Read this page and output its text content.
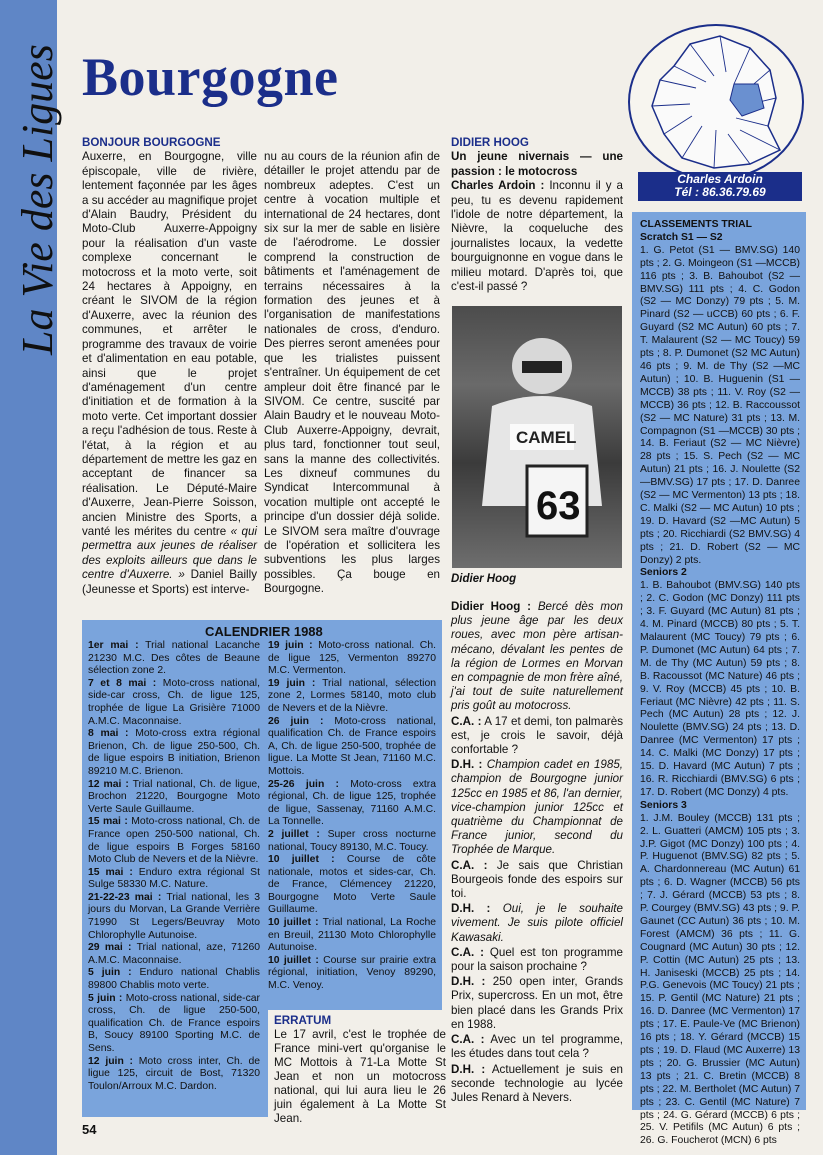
La Vie des Ligues Bourgogne
Charles Ardoin
Tél : 86.36.79.69

BONJOUR BOURGOGNE

Auxerre, en Bourgogne, ville épiscopale, ville de rivière, lentement façonnée par les âges a su accéder au magnifique projet d'Alain Baudry, Président du Moto-Club Auxerre-Appoigny pour la réalisation d'un vaste complexe concernant le motocross et la moto verte, soit 24 hectares à Appoigny, en créant le SIVOM de la région d'Auxerre, avec la réunion des communes, et arrêter le programme des travaux de voirie et d'alimentation en eau potable, ainsi que le projet d'aménagement d'un centre d'initiation et de formation à la moto verte. Cet important dossier a reçu l'adhésion de tous. Reste à l'état, à la région et au département de mettre les gaz en acceptant de financer sa réalisation. Le Député-Maire d'Auxerre, Jean-Pierre Soisson, ancien Ministre des Sports, a vanté les mérites du centre « qui permettra aux jeunes de réaliser des exploits ailleurs que dans le centre d'Auxerre. » Daniel Bailly (Jeunesse et Sports) est interve-

nu au cours de la réunion afin de détailler le projet attendu par de nombreux adeptes. C'est un centre à vocation multiple et international de 24 hectares, dont six sur la mer de sable en lisière de l'aérodrome. Le dossier comprend la construction de bâtiments et l'aménagement de terrains nécessaires à la formation des jeunes et à l'organisation de manifestations nationales de cross, d'enduro. Des pierres seront amenées pour que les trialistes puissent s'entraîner. Un équipement de cet ampleur doit être financé par le SIVOM. Ce centre, suscité par Alain Baudry et le nouveau Moto-Club Auxerre-Appoigny, devrait, plus tard, fonctionner tout seul, sans la manne des collectivités. Les dixneuf communes du Syndicat Intercommunal à vocation multiple ont accepté le principe d'un dossier déjà solide. Le SIVOM sera maître d'ouvrage de l'opération et sollicitera les subventions les plus larges possibles. Ça bouge en Bourgogne.

DIDIER HOOG

Un jeune nivernais — une passion : le motocross

Charles Ardoin : Inconnu il y a peu, tu es devenu rapidement l'idole de notre département, la Nièvre, la coqueluche des journalistes locaux, la vedette bourguignonne en vogue dans le milieu motard. D'après toi, que c'est-il passé ?

63
CAMEL
Didier Hoog

Didier Hoog : Bercé dès mon plus jeune âge par les deux roues, avec mon père artisan-mécano, dévalant les pentes de la région de Lormes en Morvan en compagnie de mon frère aîné, j'ai tout de suite naturellement pris goût au motocross.

C.A. : A 17 et demi, ton palmarès est, je crois le savoir, déjà confortable ?

D.H. : Champion cadet en 1985, champion de Bourgogne junior 125cc en 1985 et 86, l'an dernier, vice-champion junior 125cc et quatrième du Championnat de France junior, second du Trophée de Marque.

C.A. : Je sais que Christian Bourgeois fonde des espoirs sur toi.

D.H. : Oui, je le souhaite vivement. Je suis pilote officiel Kawasaki.

C.A. : Quel est ton programme pour la saison prochaine ?

D.H. : 250 open inter, Grands Prix, supercross. En un mot, être bien placé dans les Grands Prix en 1988.

C.A. : Avec un tel programme, les études dans tout cela ?

D.H. : Actuellement je suis en seconde technologie au lycée Jules Renard à Nevers.

CALENDRIER 1988

1er mai : Trial national Lacanche 21230 M.C. Des côtes de Beaune sélection zone 2.

7 et 8 mai : Moto-cross national, side-car cross, Ch. de ligue 125, trophée de ligue La Grisière 71000 A.M.C. Maconnaise.

8 mai : Moto-cross extra régional Brienon, Ch. de ligue 250-500, Ch. de ligue espoirs B initiation, Brienon 89210 M.C. Brienon.

12 mai : Trial national, Ch. de ligue, Brochon 21220, Bourgogne Moto Verte Saule Guillaume.

15 mai : Moto-cross national, Ch. de France open 250-500 national, Ch. de ligue espoirs B Forges 58160 Moto Club de Nevers et de la Nièvre.

15 mai : Enduro extra régional St Sulge 58330 M.C. Nature.

21-22-23 mai : Trial national, les 3 jours du Morvan, La Grande Verrière 71990 St Legers/Beuvray Moto Chlorophylle Autunoise.

29 mai : Trial national, aze, 71260 A.M.C. Maconnaise.

5 juin : Enduro national Chablis 89800 Chablis moto verte.

5 juin : Moto-cross national, side-car cross, Ch. de ligue 250-500, qualification Ch. de France espoirs B, Soucy 89100 Sporting M.C. de Sens.

12 juin : Moto cross inter, Ch. de ligue 125, circuit de Bost, 71320 Toulon/Arroux M.C. Dardon.

19 juin : Moto-cross national. Ch. de ligue 125, Vermenton 89270 M.C. Vermenton.

19 juin : Trial national, sélection zone 2, Lormes 58140, moto club de Nevers et de la Nièvre.

26 juin : Moto-cross national, qualification Ch. de France espoirs A, Ch. de ligue 250-500, trophée de ligue. La Motte St Jean, 71160 M.C. Mottois.

25-26 juin : Moto-cross extra régional, Ch. de ligue 125, trophée de ligue, Sassenay, 71160 A.M.C. La Tonnelle.

2 juillet : Super cross nocturne national, Toucy 89130, M.C. Toucy.

10 juillet : Course de côte nationale, motos et sides-car, Ch. de France, Clémencey 21220, Bourgogne Moto Verte Saule Guillaume.

10 juillet : Trial national, La Roche en Breuil, 21130 Moto Chlorophylle Autunoise.

10 juillet : Course sur prairie extra régional, initiation, Venoy 89290, M.C. Venoy.

ERRATUM

Le 17 avril, c'est le trophée de France mini-vert qu'organise le MC Mottois à 71-La Motte St Jean et non un motocross national, qui lui aura lieu le 26 juin également à La Motte St Jean.

CLASSEMENTS TRIAL

Scratch S1 — S2

1. G. Petot (S1 — BMV.SG) 140 pts ; 2. G. Moingeon (S1 —MCCB) 116 pts ; 3. B. Bahoubot (S2 — BMV.SG) 111 pts ; 4. C. Godon (S2 — MC Donzy) 79 pts ; 5. M. Pinard (S2 — uCCB) 60 pts ; 6. F. Guyard (S2 MC Autun) 60 pts ; 7. T. Malaurent (S2 — MC Toucy) 59 pts ; 8. P. Dumonet (S2 MC Autun) 46 pts ; 9. M. de Thy (S2 —MC Autun) ; 10. B. Huguenin (S1 — MCCB) 38 pts ; 11. V. Roy (S2 — MCCB) 36 pts ; 12. B. Raccoussot (S2 — MC Nature) 31 pts ; 13. M. Compagnon (S1 —MCCB) 30 pts ; 14. B. Feriaut (S2 — MC Nièvre) 28 pts ; 15. S. Pech (S2 — MC Autun) 21 pts ; 16. J. Noulette (S2 —BMV.SG) 17 pts ; 17. D. Danree (S2 — MC Vermenton) 13 pts ; 18. C. Malki (S2 — MC Autun) 10 pts ; 19. D. Havard (S2 —MC Autun) 5 pts ; 20. Ricchiardi (S2 BMV.SG) 4 pts ; 21. D. Robert (S2 — MC Donzy) 2 pts.

Seniors 2

1. B. Bahoubot (BMV.SG) 140 pts ; 2. C. Godon (MC Donzy) 111 pts ; 3. F. Guyard (MC Autun) 81 pts ; 4. M. Pinard (MCCB) 80 pts ; 5. T. Malaurent (MC Toucy) 79 pts ; 6. P. Dumonet (MC Autun) 64 pts ; 7. M. de Thy (MC Autun) 59 pts ; 8. B. Racoussot (MC Nature) 46 pts ; 9. V. Roy (MCCB) 45 pts ; 10. B. Feriaut (MC Nièvre) 42 pts ; 11. S. Pech (MC Autun) 28 pts ; 12. J. Noulette (BMV.SG) 24 pts ; 13. D. Danree (MC Vermenton) 17 pts ; 14. C. Malki (MC Donzy) 17 pts ; 15. D. Havard (MC Autun) 7 pts ; 16. R. Ricchiardi (BMV.SG) 6 pts ; 17. D. Robert (MC Donzy) 4 pts.

Seniors 3

1. J.M. Bouley (MCCB) 131 pts ; 2. L. Guatteri (AMCM) 105 pts ; 3. J.P. Gigot (MC Donzy) 100 pts ; 4. P. Huguenot (BMV.SG) 82 pts ; 5. A. Chardonnereau (MC Autun) 61 pts ; 6. D. Wagner (MCCB) 56 pts ; 7. J. Gérard (MCCB) 53 pts ; 8. P. Courgey (BMV.SG) 43 pts ; 9. P. Gaunet (CC Autun) 36 pts ; 10. M. Forest (AMCM) 36 pts ; 11. G. Cougnard (MC Autun) 30 pts ; 12. P. Cottin (MC Autun) 25 pts ; 13. H. Janiseski (MCCB) 25 pts ; 14. P.G. Genevois (MC Toucy) 21 pts ; 15. P. Gentil (MC Nature) 21 pts ; 16. D. Danree (MC Vermenton) 17 pts ; 17. E. Paule-Ve (MC Brienon) 16 pts ; 18. Y. Gérard (MCCB) 15 pts ; 19. D. Flaud (MC Auxerre) 13 pts ; 20. G. Brussier (MC Autun) 13 pts ; 21. C. Bretin (MCCB) 8 pts ; 22. M. Bertholet (MC Autun) 7 pts ; 23. C. Gentil (MC Nature) 7 pts ; 24. G. Gérard (MCCB) 6 pts ; 25. V. Petifils (MC Autun) 6 pts ; 26. G. Foucherot (MCN) 6 pts

54
